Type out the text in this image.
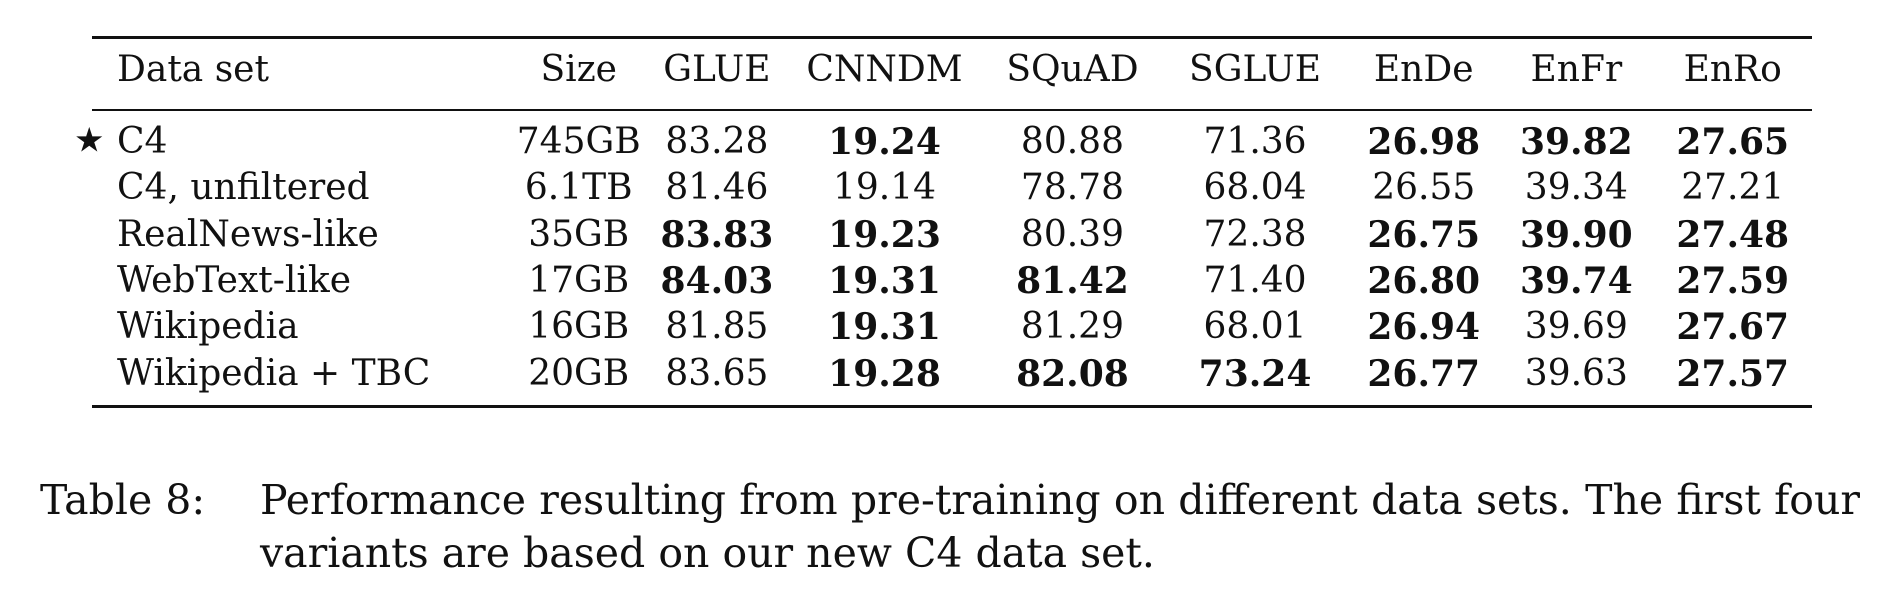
Data set	Size	GLUE	CNNDM	SQuAD	SGLUE	EnDe	EnFr	EnRo
★ C4	745GB	83.28	19.24	80.88	71.36	26.98	39.82	27.65
C4, unfiltered	6.1TB	81.46	19.14	78.78	68.04	26.55	39.34	27.21
RealNews-like	35GB	83.83	19.23	80.39	72.38	26.75	39.90	27.48
WebText-like	17GB	84.03	19.31	81.42	71.40	26.80	39.74	27.59
Wikipedia	16GB	81.85	19.31	81.29	68.01	26.94	39.69	27.67
Wikipedia + TBC	20GB	83.65	19.28	82.08	73.24	26.77	39.63	27.57
Table 8:	Performance resulting from pre-training on different data sets. The first four variants are based on our new C4 data set.
